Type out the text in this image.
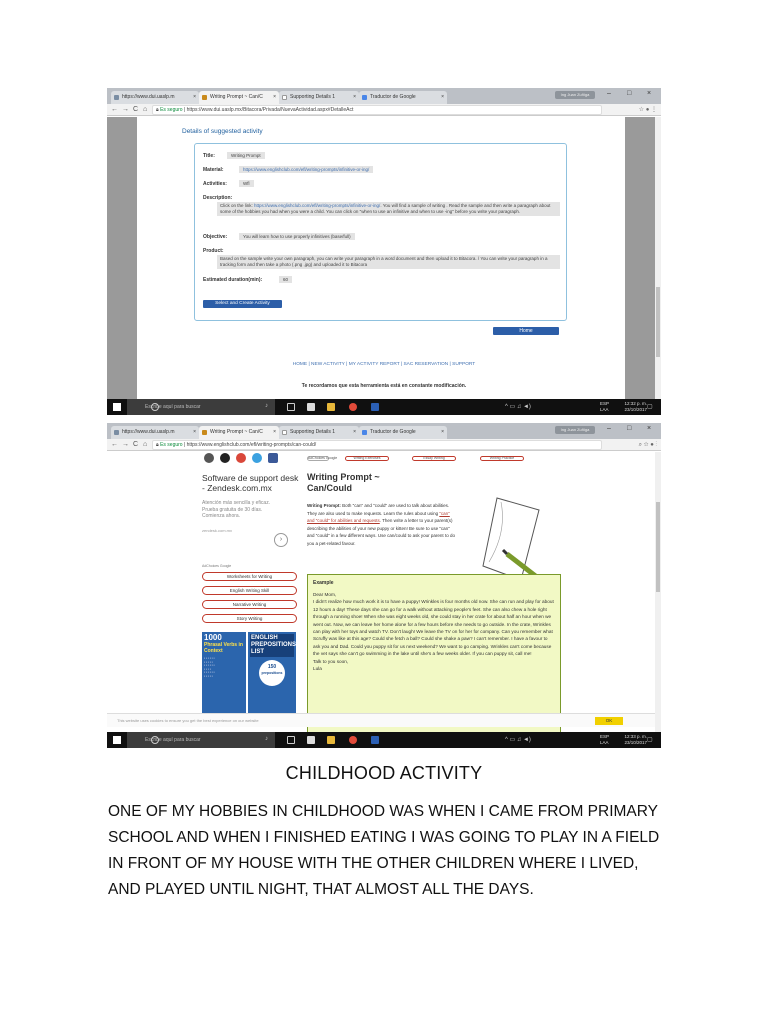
https://www.dui.uaslp.m	×	Writing Prompt ~ Can/C ×	Supporting Details 1	×	Traductor de Google	×	Ing Juan Zuñiga	– □ ×
← → C ⌂	🔒︎ Es seguro | https://www.dui.uaslp.mx/Bitacora/Privada/NuevaActividad.aspx#DetalleAct	☆ ● ⋮
Details of suggested activity
Title:	Writing Prompt
Material:	https://www.englishclub.com/efl/writing-prompts/infinitive-or-ing/
Activities:	Wfl
Description:
Click on the link: https://www.englishclub.com/efl/writing-prompts/infinitive-or-ing/. You will find a sample of writing . Read the sample and then write a paragraph about some of the hobbies you had when you were a child. You can click on "when to use an infinitive and when to use -ing" before you write your paragraph.
Objective:	You will learn how to use properly infinitives (base/full)
Product:
Based on the sample write your own paragraph, you can write your paragraph in a word document and then upload it to Bitacora. / You can write your paragraph in a tracking form and then take a photo (.png .jpg) and uploaded it to Bitacora
Estimated duration(min):	60
Select and Create Activity
Home
HOME | NEW ACTIVITY | MY ACTIVITY REPORT | SAC RESERVATION | SUPPORT
Te recordamos que esta herramienta está en constante modificación.
Escribe aquí para buscar	♪	^ ▭ ♫ ◄)
ESP
LAA
12:32 p. m.
23/10/2017 ▢
https://www.dui.uaslp.m	×	Writing Prompt ~ Can/C ×	Supporting Details 1	×	Traductor de Google	×	Ing Juan Zuñiga	– □ ×
← → C ⌂	🔒︎ Es seguro | https://www.englishclub.com/efl/writing-prompts/can-could/	⌕ ☆ ● ⋮
Software de support desk - Zendesk.com.mx
Atención más sencilla y eficaz. Prueba gratuita de 30 días. Comienza ahora.
zendesk.com.mx
›
AdChoices Google
Worksheets for Writing
English Writing Skill
Narrative Writing
Story Writing
1000
Phrasal Verbs in Context
▪ ▪ ▪ ▪ ▪ ▪
▪ ▪ ▪ ▪ ▪
▪ ▪ ▪ ▪ ▪ ▪
▪ ▪ ▪ ▪
▪ ▪ ▪ ▪ ▪ ▪
▪ ▪ ▪ ▪ ▪
ENGLISH PREPOSITIONS LIST
150
prepositions
AdChoices Google	Writing Exercises	Essay Writing	Writing Practice
Writing Prompt ~ Can/Could
Writing Prompt: Both "can" and "could" are used to talk about abilities. They are also used to make requests. Learn the rules about using "can" and "could" for abilities and requests. Then write a letter to your parent(s) describing the abilities of your new puppy or kitten! Be sure to use "can" and "could" in a few different ways. Use can/could to ask your parent to do you a pet-related favour.
Example
Dear Mom,
I didn't realize how much work it is to have a puppy! Wrinkles is four months old now. She can run and play for about 12 hours a day! These days she can go for a walk without attacking people's feet. She can also chew a hole right through a running shoe! When she was eight weeks old, she could stay in her crate for about half an hour when we went out. Now, we can leave her home alone for a few hours before she needs to go outside. In the crate, Wrinkles can play with her toys and watch TV. Don't laugh! We leave the TV on for her for company. Can you remember what Scruffy was like at this age? Could she fetch a ball? Could she shake a paw? I can't remember. I have a favour to ask you and Dad. Could you puppy sit for us next weekend? We want to go camping. Wrinkles can't come because the vet says she can't go swimming in the lake until she's a few weeks older. If you can puppy sit, call me!
Talk to you soon,
Lula
This website uses cookies to ensure you get the best experience on our website	OK
Escribe aquí para buscar	♪	^ ▭ ♫ ◄)
ESP
LAA
12:33 p. m.
23/10/2017 ▢
CHILDHOOD ACTIVITY
ONE OF MY HOBBIES IN CHILDHOOD WAS WHEN I CAME FROM PRIMARY SCHOOL AND WHEN I FINISHED EATING I WAS GOING TO PLAY IN A FIELD IN FRONT OF MY HOUSE WITH THE OTHER CHILDREN WHERE I LIVED, AND PLAYED UNTIL NIGHT, THAT ALMOST ALL THE DAYS.
